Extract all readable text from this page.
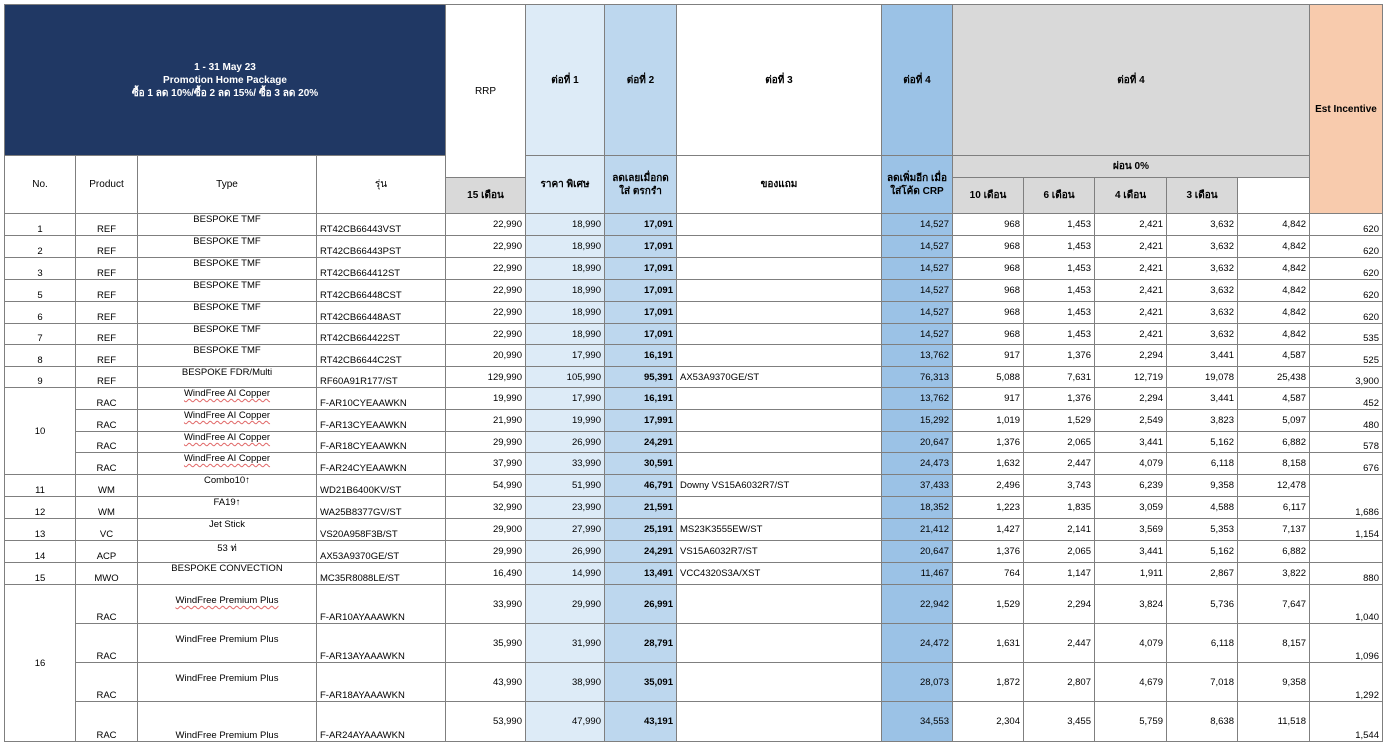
1 - 31 May 23
Promotion Home Package
ซื้อ 1 ลด 10%/ซื้อ 2 ลด 15%/ ซื้อ 3 ลด 20%				RRP	ต่อที่ 1	ต่อที่ 2	ต่อที่ 3	ต่อที่ 4	ต่อที่ 4					Est Incentive
No.	Product	Type	รุ่น		ราคา พิเศษ	ลดเลยเมื่อกดใส่ ตรกรำ	ของแถม	ลดเพิ่มอีก เมื่อ ใส่โค้ด CRP	ผ่อน 0%					
				15 เดือน					10 เดือน	6 เดือน	4 เดือน	3 เดือน		
1	REF	BESPOKE TMF	RT42CB66443VST	22,990	18,990	17,091		14,527	968	1,453	2,421	3,632	4,842	620
2	REF	BESPOKE TMF	RT42CB66443PST	22,990	18,990	17,091		14,527	968	1,453	2,421	3,632	4,842	620
3	REF	BESPOKE TMF	RT42CB664412ST	22,990	18,990	17,091		14,527	968	1,453	2,421	3,632	4,842	620
5	REF	BESPOKE TMF	RT42CB66448CST	22,990	18,990	17,091		14,527	968	1,453	2,421	3,632	4,842	620
6	REF	BESPOKE TMF	RT42CB66448AST	22,990	18,990	17,091		14,527	968	1,453	2,421	3,632	4,842	620
7	REF	BESPOKE TMF	RT42CB664422ST	22,990	18,990	17,091		14,527	968	1,453	2,421	3,632	4,842	535
8	REF	BESPOKE TMF	RT42CB6644C2ST	20,990	17,990	16,191		13,762	917	1,376	2,294	3,441	4,587	525
9	REF	BESPOKE FDR/Multi	RF60A91R177/ST	129,990	105,990	95,391	AX53A9370GE/ST	76,313	5,088	7,631	12,719	19,078	25,438	3,900
10	RAC	WindFree AI Copper	F-AR10CYEAAWKN	19,990	17,990	16,191		13,762	917	1,376	2,294	3,441	4,587	452
	RAC	WindFree AI Copper	F-AR13CYEAAWKN	21,990	19,990	17,991		15,292	1,019	1,529	2,549	3,823	5,097	480
	RAC	WindFree AI Copper	F-AR18CYEAAWKN	29,990	26,990	24,291		20,647	1,376	2,065	3,441	5,162	6,882	578
	RAC	WindFree AI Copper	F-AR24CYEAAWKN	37,990	33,990	30,591		24,473	1,632	2,447	4,079	6,118	8,158	676
11	WM	Combo10↑	WD21B6400KV/ST	54,990	51,990	46,791	Downy VS15A6032R7/ST	37,433	2,496	3,743	6,239	9,358	12,478	1,686
12	WM	FA19↑	WA25B8377GV/ST	32,990	23,990	21,591		18,352	1,223	1,835	3,059	4,588	6,117	
13	VC	Jet Stick	VS20A958F3B/ST	29,900	27,990	25,191	MS23K3555EW/ST	21,412	1,427	2,141	3,569	5,353	7,137	1,154
14	ACP	53 ท่	AX53A9370GE/ST	29,990	26,990	24,291	VS15A6032R7/ST	20,647	1,376	2,065	3,441	5,162	6,882	
15	MWO	BESPOKE CONVECTION	MC35R8088LE/ST	16,490	14,990	13,491	VCC4320S3A/XST	11,467	764	1,147	1,911	2,867	3,822	880
16	RAC	WindFree Premium Plus	F-AR10AYAAAWKN	33,990	29,990	26,991		22,942	1,529	2,294	3,824	5,736	7,647	1,040
	RAC	WindFree Premium Plus	F-AR13AYAAAWKN	35,990	31,990	28,791		24,472	1,631	2,447	4,079	6,118	8,157	1,096
	RAC	WindFree Premium Plus	F-AR18AYAAAWKN	43,990	38,990	35,091		28,073	1,872	2,807	4,679	7,018	9,358	1,292
	RAC	WindFree Premium Plus	F-AR24AYAAAWKN	53,990	47,990	43,191		34,553	2,304	3,455	5,759	8,638	11,518	1,544
